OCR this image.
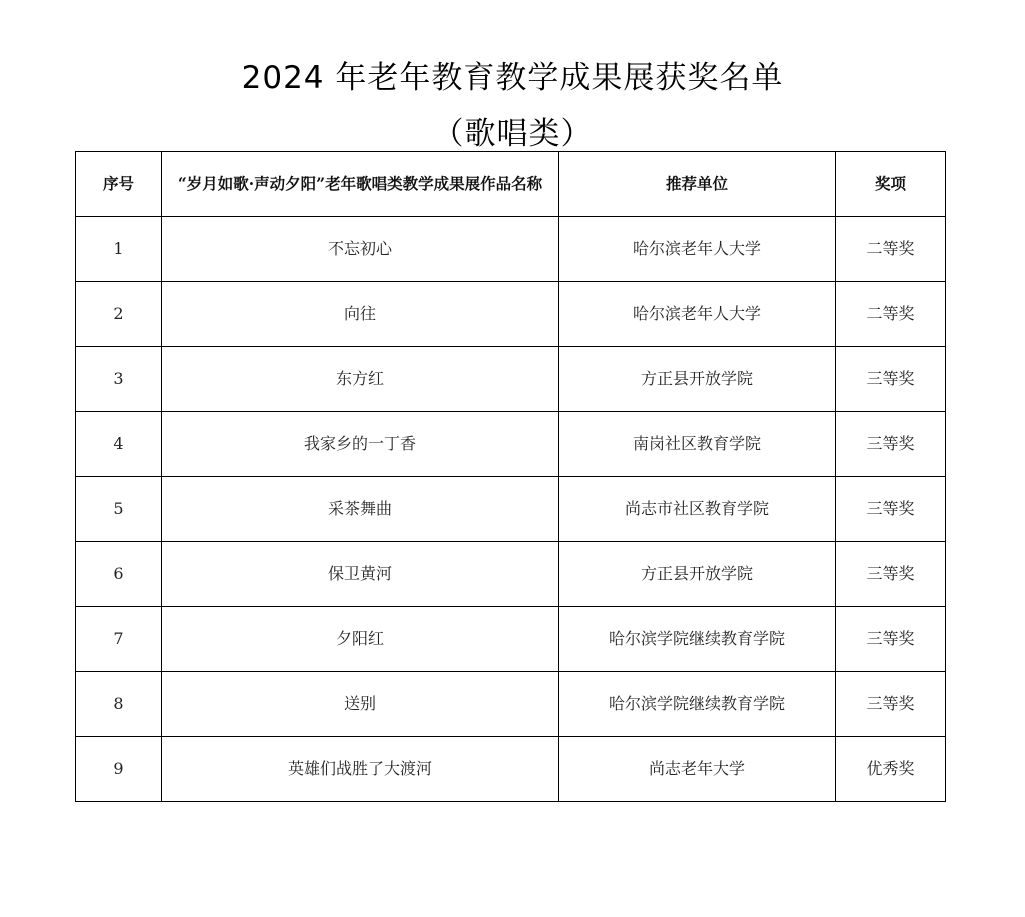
2024 年老年教育教学成果展获奖名单
（歌唱类）
序号	“岁月如歌·声动夕阳”老年歌唱类教学成果展作品名称	推荐单位	奖项
1	不忘初心	哈尔滨老年人大学	二等奖
2	向往	哈尔滨老年人大学	二等奖
3	东方红	方正县开放学院	三等奖
4	我家乡的一丁香	南岗社区教育学院	三等奖
5	采茶舞曲	尚志市社区教育学院	三等奖
6	保卫黄河	方正县开放学院	三等奖
7	夕阳红	哈尔滨学院继续教育学院	三等奖
8	送别	哈尔滨学院继续教育学院	三等奖
9	英雄们战胜了大渡河	尚志老年大学	优秀奖
